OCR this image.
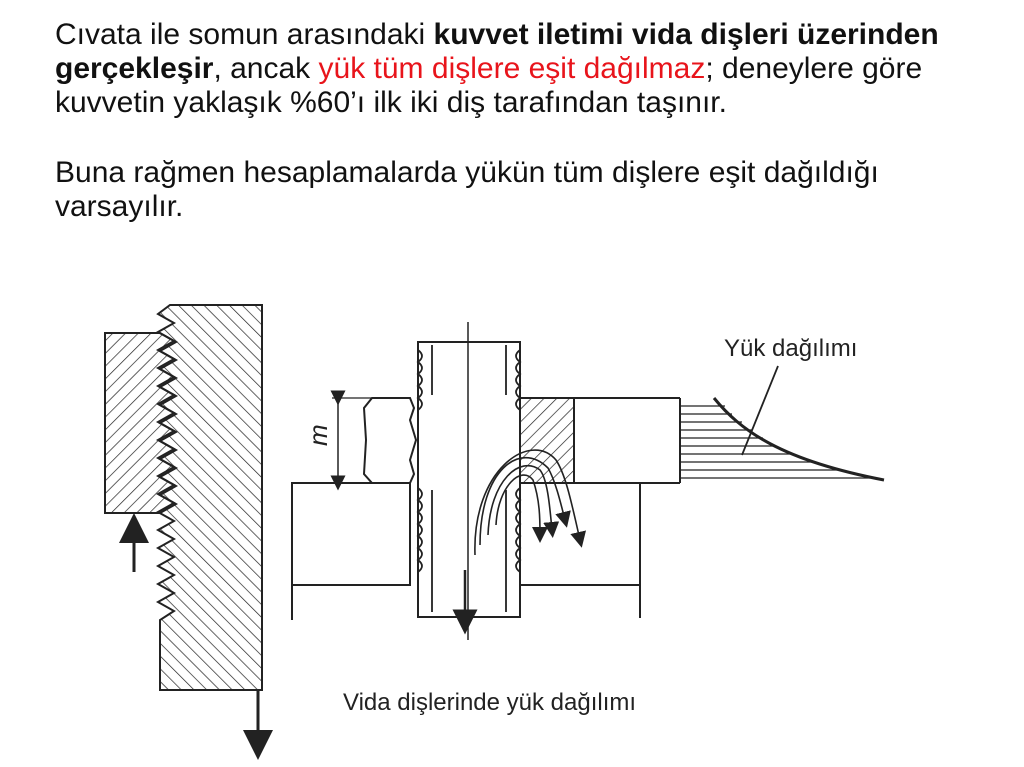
Cıvata ile somun arasındaki kuvvet iletimi vida dişleri üzerinden gerçekleşir, ancak yük tüm dişlere eşit dağılmaz; deneylere göre kuvvetin yaklaşık %60’ı ilk iki diş tarafından taşınır.

Buna rağmen hesaplamalarda yükün tüm dişlere eşit dağıldığı varsayılır.

m
Yük dağılımı
Vida dişlerinde yük dağılımı
